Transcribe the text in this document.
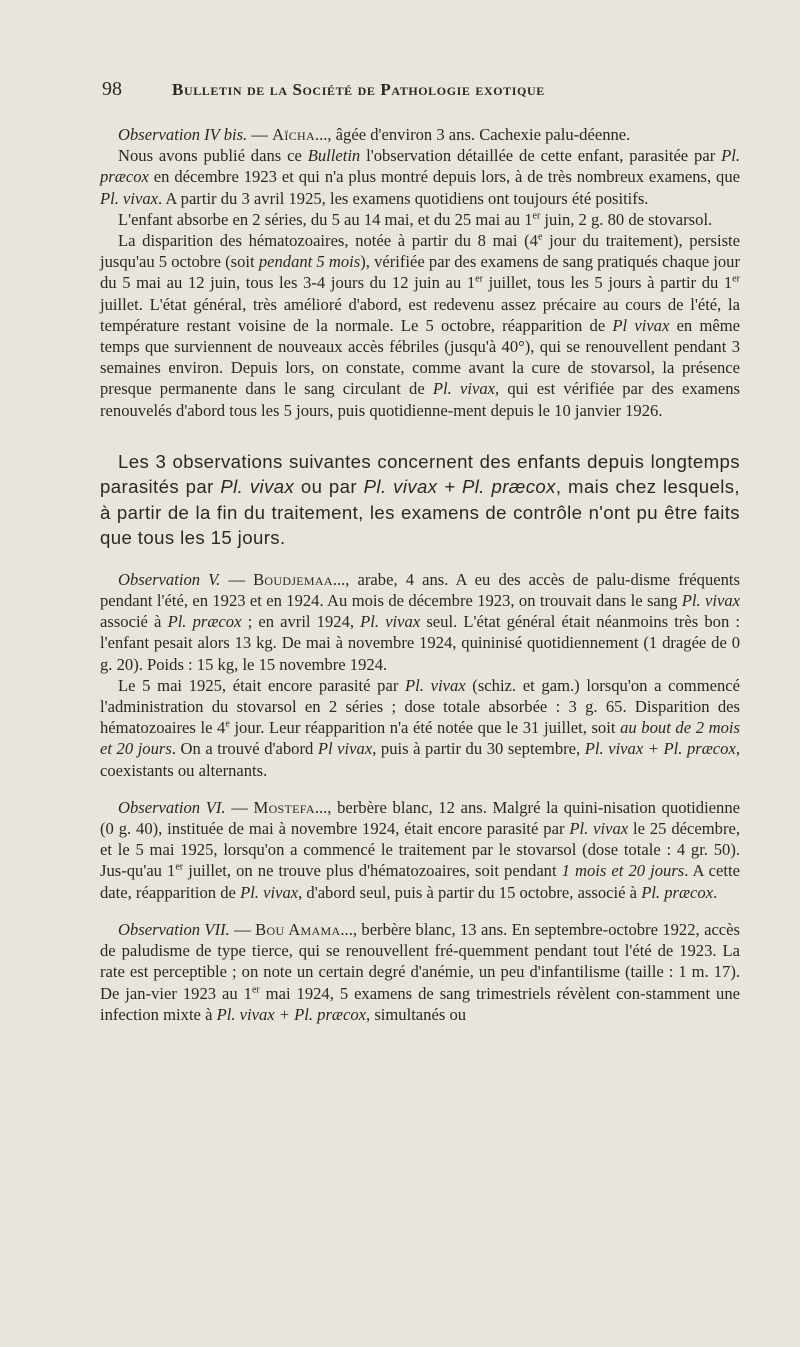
98	Bulletin de la Société de Pathologie exotique

Observation IV bis. — Aïcha..., âgée d'environ 3 ans. Cachexie palu-déenne.

Nous avons publié dans ce Bulletin l'observation détaillée de cette enfant, parasitée par Pl. præcox en décembre 1923 et qui n'a plus montré depuis lors, à de très nombreux examens, que Pl. vivax. A partir du 3 avril 1925, les examens quotidiens ont toujours été positifs.

L'enfant absorbe en 2 séries, du 5 au 14 mai, et du 25 mai au 1er juin, 2 g. 80 de stovarsol.

La disparition des hématozoaires, notée à partir du 8 mai (4e jour du traitement), persiste jusqu'au 5 octobre (soit pendant 5 mois), vérifiée par des examens de sang pratiqués chaque jour du 5 mai au 12 juin, tous les 3-4 jours du 12 juin au 1er juillet, tous les 5 jours à partir du 1er juillet. L'état général, très amélioré d'abord, est redevenu assez précaire au cours de l'été, la température restant voisine de la normale. Le 5 octobre, réapparition de Pl vivax en même temps que surviennent de nouveaux accès fébriles (jusqu'à 40°), qui se renouvellent pendant 3 semaines environ. Depuis lors, on constate, comme avant la cure de stovarsol, la présence presque permanente dans le sang circulant de Pl. vivax, qui est vérifiée par des examens renouvelés d'abord tous les 5 jours, puis quotidienne-ment depuis le 10 janvier 1926.

Les 3 observations suivantes concernent des enfants depuis longtemps parasités par Pl. vivax ou par Pl. vivax + Pl. præcox, mais chez lesquels, à partir de la fin du traitement, les examens de contrôle n'ont pu être faits que tous les 15 jours.

Observation V. — Boudjemaa..., arabe, 4 ans. A eu des accès de palu-disme fréquents pendant l'été, en 1923 et en 1924. Au mois de décembre 1923, on trouvait dans le sang Pl. vivax associé à Pl. præcox ; en avril 1924, Pl. vivax seul. L'état général était néanmoins très bon : l'enfant pesait alors 13 kg. De mai à novembre 1924, quininisé quotidiennement (1 dragée de 0 g. 20). Poids : 15 kg, le 15 novembre 1924.

Le 5 mai 1925, était encore parasité par Pl. vivax (schiz. et gam.) lorsqu'on a commencé l'administration du stovarsol en 2 séries ; dose totale absorbée : 3 g. 65. Disparition des hématozoaires le 4e jour. Leur réapparition n'a été notée que le 31 juillet, soit au bout de 2 mois et 20 jours. On a trouvé d'abord Pl vivax, puis à partir du 30 septembre, Pl. vivax + Pl. præcox, coexistants ou alternants.

Observation VI. — Mostefa..., berbère blanc, 12 ans. Malgré la quini-nisation quotidienne (0 g. 40), instituée de mai à novembre 1924, était encore parasité par Pl. vivax le 25 décembre, et le 5 mai 1925, lorsqu'on a commencé le traitement par le stovarsol (dose totale : 4 gr. 50). Jus-qu'au 1er juillet, on ne trouve plus d'hématozoaires, soit pendant 1 mois et 20 jours. A cette date, réapparition de Pl. vivax, d'abord seul, puis à partir du 15 octobre, associé à Pl. præcox.

Observation VII. — Bou Amama..., berbère blanc, 13 ans. En septembre-octobre 1922, accès de paludisme de type tierce, qui se renouvellent fré-quemment pendant tout l'été de 1923. La rate est perceptible ; on note un certain degré d'anémie, un peu d'infantilisme (taille : 1 m. 17). De jan-vier 1923 au 1er mai 1924, 5 examens de sang trimestriels révèlent con-stamment une infection mixte à Pl. vivax + Pl. præcox, simultanés ou
